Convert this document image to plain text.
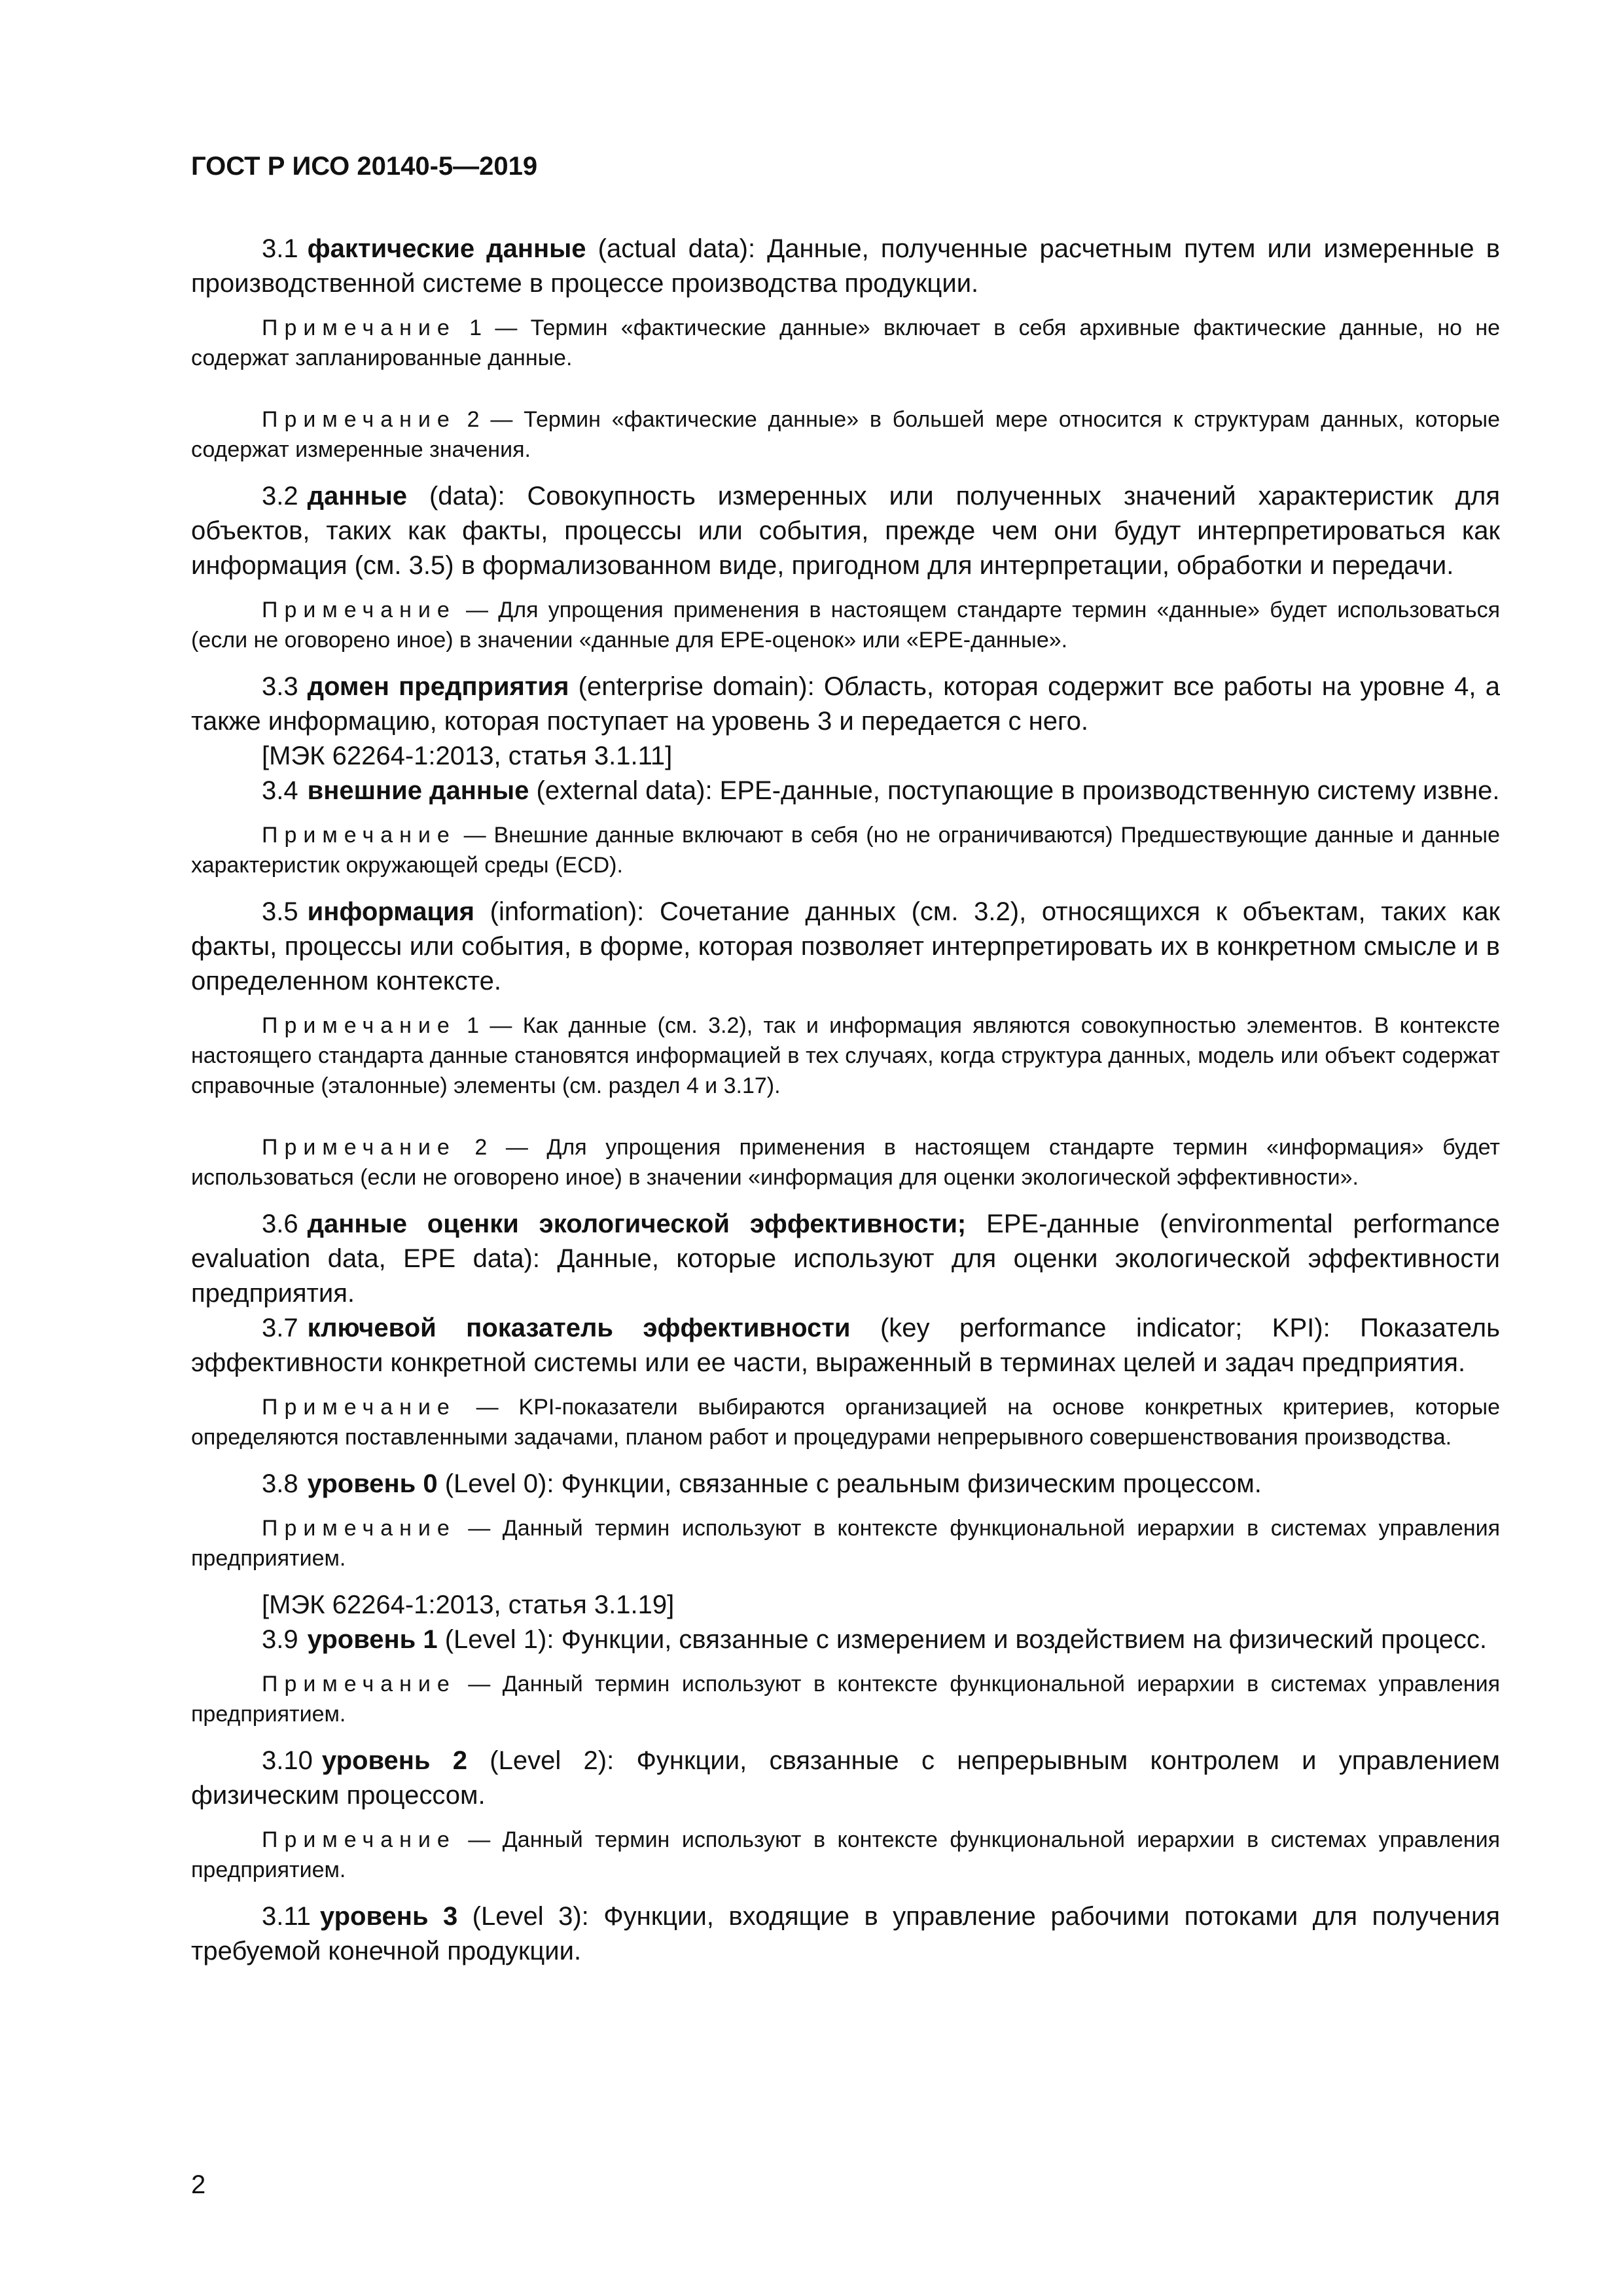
ГОСТ Р ИСО 20140-5—2019

3.1 фактические данные (actual data): Данные, полученные расчетным путем или измеренные в производственной системе в процессе производства продукции.

Примечание 1 — Термин «фактические данные» включает в себя архивные фактические данные, но не содержат запланированные данные.

Примечание 2 — Термин «фактические данные» в большей мере относится к структурам данных, которые содержат измеренные значения.

3.2 данные (data): Совокупность измеренных или полученных значений характеристик для объектов, таких как факты, процессы или события, прежде чем они будут интерпретироваться как информация (см. 3.5) в формализованном виде, пригодном для интерпретации, обработки и передачи.

Примечание — Для упрощения применения в настоящем стандарте термин «данные» будет использоваться (если не оговорено иное) в значении «данные для EPE-оценок» или «EPE-данные».

3.3 домен предприятия (enterprise domain): Область, которая содержит все работы на уровне 4, а также информацию, которая поступает на уровень 3 и передается с него.

[МЭК 62264-1:2013, статья 3.1.11]

3.4 внешние данные (external data): EPE-данные, поступающие в производственную систему извне.

Примечание — Внешние данные включают в себя (но не ограничиваются) Предшествующие данные и данные характеристик окружающей среды (ECD).

3.5 информация (information): Сочетание данных (см. 3.2), относящихся к объектам, таких как факты, процессы или события, в форме, которая позволяет интерпретировать их в конкретном смысле и в определенном контексте.

Примечание 1 — Как данные (см. 3.2), так и информация являются совокупностью элементов. В контексте настоящего стандарта данные становятся информацией в тех случаях, когда структура данных, модель или объект содержат справочные (эталонные) элементы (см. раздел 4 и 3.17).

Примечание 2 — Для упрощения применения в настоящем стандарте термин «информация» будет использоваться (если не оговорено иное) в значении «информация для оценки экологической эффективности».

3.6 данные оценки экологической эффективности; EPE-данные (environmental performance evaluation data, EPE data): Данные, которые используют для оценки экологической эффективности предприятия.

3.7 ключевой показатель эффективности (key performance indicator; KPI): Показатель эффективности конкретной системы или ее части, выраженный в терминах целей и задач предприятия.

Примечание — KPI-показатели выбираются организацией на основе конкретных критериев, которые определяются поставленными задачами, планом работ и процедурами непрерывного совершенствования производства.

3.8 уровень 0 (Level 0): Функции, связанные с реальным физическим процессом.

Примечание — Данный термин используют в контексте функциональной иерархии в системах управления предприятием.

[МЭК 62264-1:2013, статья 3.1.19]

3.9 уровень 1 (Level 1): Функции, связанные с измерением и воздействием на физический процесс.

Примечание — Данный термин используют в контексте функциональной иерархии в системах управления предприятием.

3.10 уровень 2 (Level 2): Функции, связанные с непрерывным контролем и управлением физическим процессом.

Примечание — Данный термин используют в контексте функциональной иерархии в системах управления предприятием.

3.11 уровень 3 (Level 3): Функции, входящие в управление рабочими потоками для получения требуемой конечной продукции.

2
